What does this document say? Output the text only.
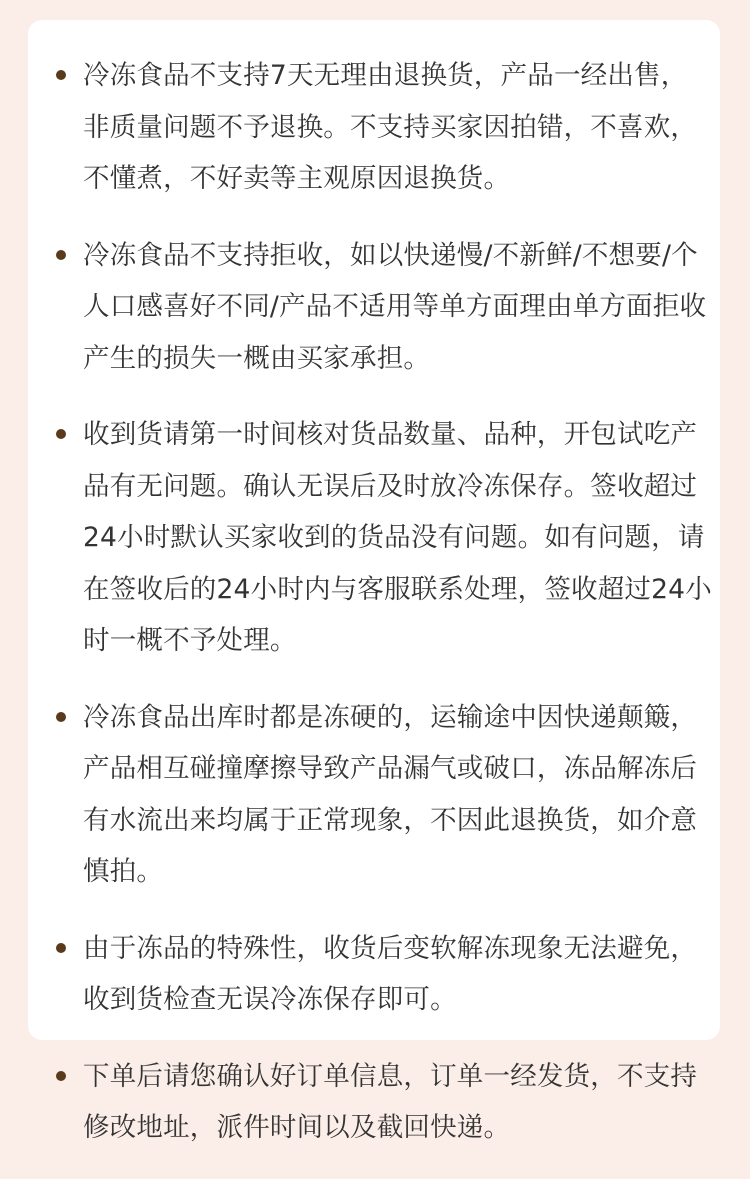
冷冻食品不支持7天无理由退换货，产品一经出售，非质量问题不予退换。不支持买家因拍错，不喜欢，不懂煮，不好卖等主观原因退换货。
冷冻食品不支持拒收，如以快递慢/不新鲜/不想要/个人口感喜好不同/产品不适用等单方面理由单方面拒收产生的损失一概由买家承担。
收到货请第一时间核对货品数量、品种，开包试吃产品有无问题。确认无误后及时放冷冻保存。签收超过24小时默认买家收到的货品没有问题。如有问题，请在签收后的24小时内与客服联系处理，签收超过24小时一概不予处理。
冷冻食品出库时都是冻硬的，运输途中因快递颠簸，产品相互碰撞摩擦导致产品漏气或破口，冻品解冻后有水流出来均属于正常现象，不因此退换货，如介意慎拍。
由于冻品的特殊性，收货后变软解冻现象无法避免，收到货检查无误冷冻保存即可。
下单后请您确认好订单信息，订单一经发货，不支持修改地址，派件时间以及截回快递。
